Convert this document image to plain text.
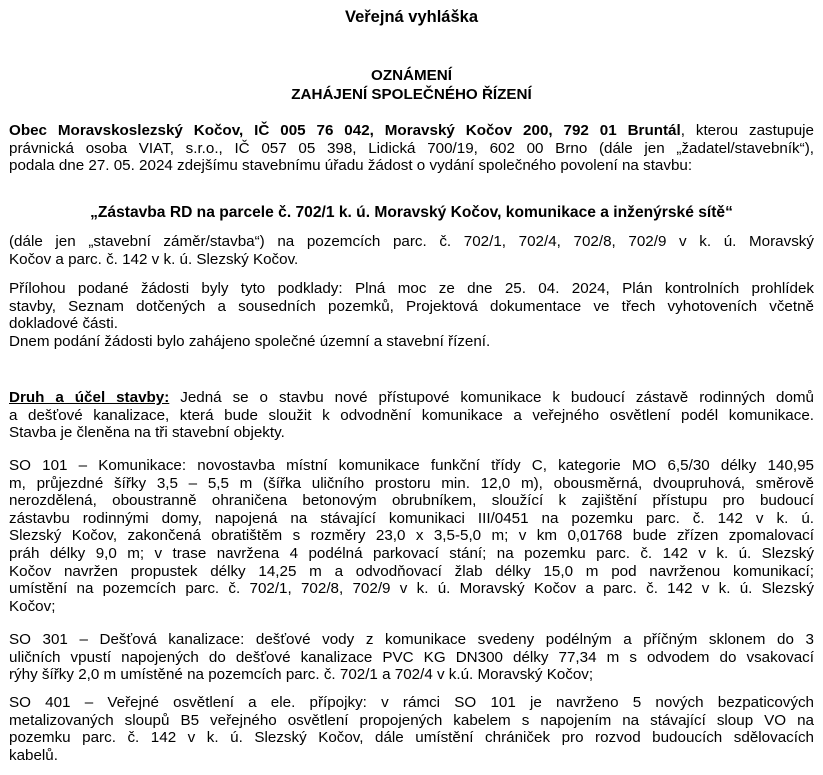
Veřejná vyhláška
OZNÁMENÍ
ZAHÁJENÍ SPOLEČNÉHO ŘÍZENÍ
Obec Moravskoslezský Kočov, IČ 005 76 042, Moravský Kočov 200, 792 01 Bruntál, kterou zastupuje
právnická osoba VIAT, s.r.o., IČ 057 05 398, Lidická 700/19, 602 00 Brno (dále jen „žadatel/stavebník“),
podala dne 27. 05. 2024 zdejšímu stavebnímu úřadu žádost o vydání společného povolení na stavbu:
„Zástavba RD na parcele č. 702/1 k. ú. Moravský Kočov, komunikace a inženýrské sítě“
(dále jen „stavební záměr/stavba“) na pozemcích parc. č. 702/1, 702/4, 702/8, 702/9 v k. ú. Moravský
Kočov a parc. č. 142 v k. ú. Slezský Kočov.
Přílohou podané žádosti byly tyto podklady: Plná moc ze dne 25. 04. 2024, Plán kontrolních prohlídek
stavby, Seznam dotčených a sousedních pozemků, Projektová dokumentace ve třech vyhotoveních včetně
dokladové části.
Dnem podání žádosti bylo zahájeno společné územní a stavební řízení.
Druh a účel stavby: Jedná se o stavbu nové přístupové komunikace k budoucí zástavě rodinných domů
a dešťové kanalizace, která bude sloužit k odvodnění komunikace a veřejného osvětlení podél komunikace.
Stavba je členěna na tři stavební objekty.
SO 101 – Komunikace: novostavba místní komunikace funkční třídy C, kategorie MO 6,5/30 délky 140,95
m, průjezdné šířky 3,5 – 5,5 m (šířka uličního prostoru min. 12,0 m), obousměrná, dvoupruhová, směrově
nerozdělená, oboustranně ohraničena betonovým obrubníkem, sloužící k zajištění přístupu pro budoucí
zástavbu rodinnými domy, napojená na stávající komunikaci III/0451 na pozemku parc. č. 142 v k. ú.
Slezský Kočov, zakončená obratištěm s rozměry 23,0 x 3,5-5,0 m; v km 0,01768 bude zřízen zpomalovací
práh délky 9,0 m; v trase navržena 4 podélná parkovací stání; na pozemku parc. č. 142 v k. ú. Slezský
Kočov navržen propustek délky 14,25 m a odvodňovací žlab délky 15,0 m pod navrženou komunikací;
umístění na pozemcích parc. č. 702/1, 702/8, 702/9 v k. ú. Moravský Kočov a parc. č. 142 v k. ú. Slezský
Kočov;
SO 301 – Dešťová kanalizace: dešťové vody z komunikace svedeny podélným a příčným sklonem do 3
uličních vpustí napojených do dešťové kanalizace PVC KG DN300 délky 77,34 m s odvodem do vsakovací
rýhy šířky 2,0 m umístěné na pozemcích parc. č. 702/1 a 702/4 v k.ú. Moravský Kočov;
SO 401 – Veřejné osvětlení a ele. přípojky: v rámci SO 101 je navrženo 5 nových bezpaticových
metalizovaných sloupů B5 veřejného osvětlení propojených kabelem s napojením na stávající sloup VO na
pozemku parc. č. 142 v k. ú. Slezský Kočov, dále umístění chrániček pro rozvod budoucích sdělovacích
kabelů.
